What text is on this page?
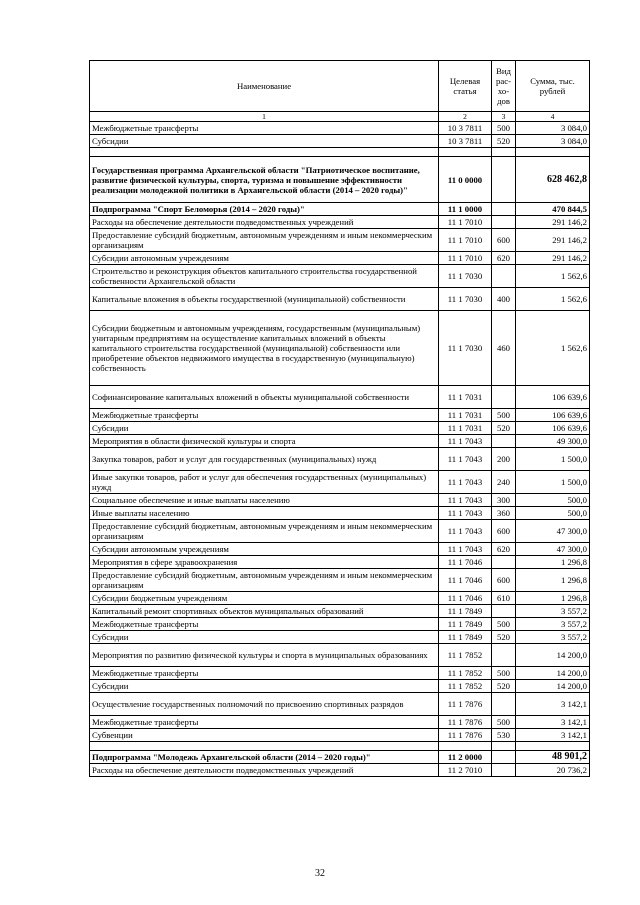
Наименование	Целевая статья	Вид рас-хо-дов	Сумма, тыс. рублей
1	2	3	4
Межбюджетные трансферты	10 3 7811	500	3 084,0
Субсидии	10 3 7811	520	3 084,0

Государственная программа Архангельской области "Патриотическое воспитание, развитие физической культуры, спорта, туризма и повышение эффективности реализации молодежной политики в Архангельской области (2014 – 2020 годы)"	11 0 0000		628 462,8
Подпрограмма "Спорт Беломорья (2014 – 2020 годы)"	11 1 0000		470 844,5
Расходы на обеспечение деятельности подведомственных учреждений	11 1 7010		291 146,2
Предоставление субсидий бюджетным, автономным учреждениям и иным некоммерческим организациям	11 1 7010	600	291 146,2
Субсидии автономным учреждениям	11 1 7010	620	291 146,2
Строительство и реконструкция объектов капитального строительства государственной собственности Архангельской области	11 1 7030		1 562,6
Капитальные вложения в объекты государственной (муниципальной) собственности	11 1 7030	400	1 562,6
Субсидии бюджетным и автономным учреждениям, государственным (муниципальным) унитарным предприятиям на осуществление капитальных вложений в объекты капитального строительства государственной (муниципальной) собственности или приобретение объектов недвижимого имущества в государственную (муниципальную) собственность	11 1 7030	460	1 562,6
Софинансирование капитальных вложений в объекты муниципальной собственности	11 1 7031		106 639,6
Межбюджетные трансферты	11 1 7031	500	106 639,6
Субсидии	11 1 7031	520	106 639,6
Мероприятия в области физической культуры и спорта	11 1 7043		49 300,0
Закупка товаров, работ и услуг для государственных (муниципальных) нужд	11 1 7043	200	1 500,0
Иные закупки товаров, работ и услуг для обеспечения государственных (муниципальных) нужд	11 1 7043	240	1 500,0
Социальное обеспечение и иные выплаты населению	11 1 7043	300	500,0
Иные выплаты населению	11 1 7043	360	500,0
Предоставление субсидий бюджетным, автономным учреждениям и иным некоммерческим организациям	11 1 7043	600	47 300,0
Субсидии автономным учреждениям	11 1 7043	620	47 300,0
Мероприятия в сфере здравоохранения	11 1 7046		1 296,8
Предоставление субсидий бюджетным, автономным учреждениям и иным некоммерческим организациям	11 1 7046	600	1 296,8
Субсидии бюджетным учреждениям	11 1 7046	610	1 296,8
Капитальный ремонт спортивных объектов муниципальных образований	11 1 7849		3 557,2
Межбюджетные трансферты	11 1 7849	500	3 557,2
Субсидии	11 1 7849	520	3 557,2
Мероприятия по развитию физической культуры и спорта в муниципальных образованиях	11 1 7852		14 200,0
Межбюджетные трансферты	11 1 7852	500	14 200,0
Субсидии	11 1 7852	520	14 200,0
Осуществление государственных полномочий по присвоению спортивных разрядов	11 1 7876		3 142,1
Межбюджетные трансферты	11 1 7876	500	3 142,1
Субвенции	11 1 7876	530	3 142,1

Подпрограмма "Молодежь Архангельской области (2014 – 2020 годы)"	11 2 0000		48 901,2
Расходы на обеспечение деятельности подведомственных учреждений	11 2 7010		20 736,2
32
